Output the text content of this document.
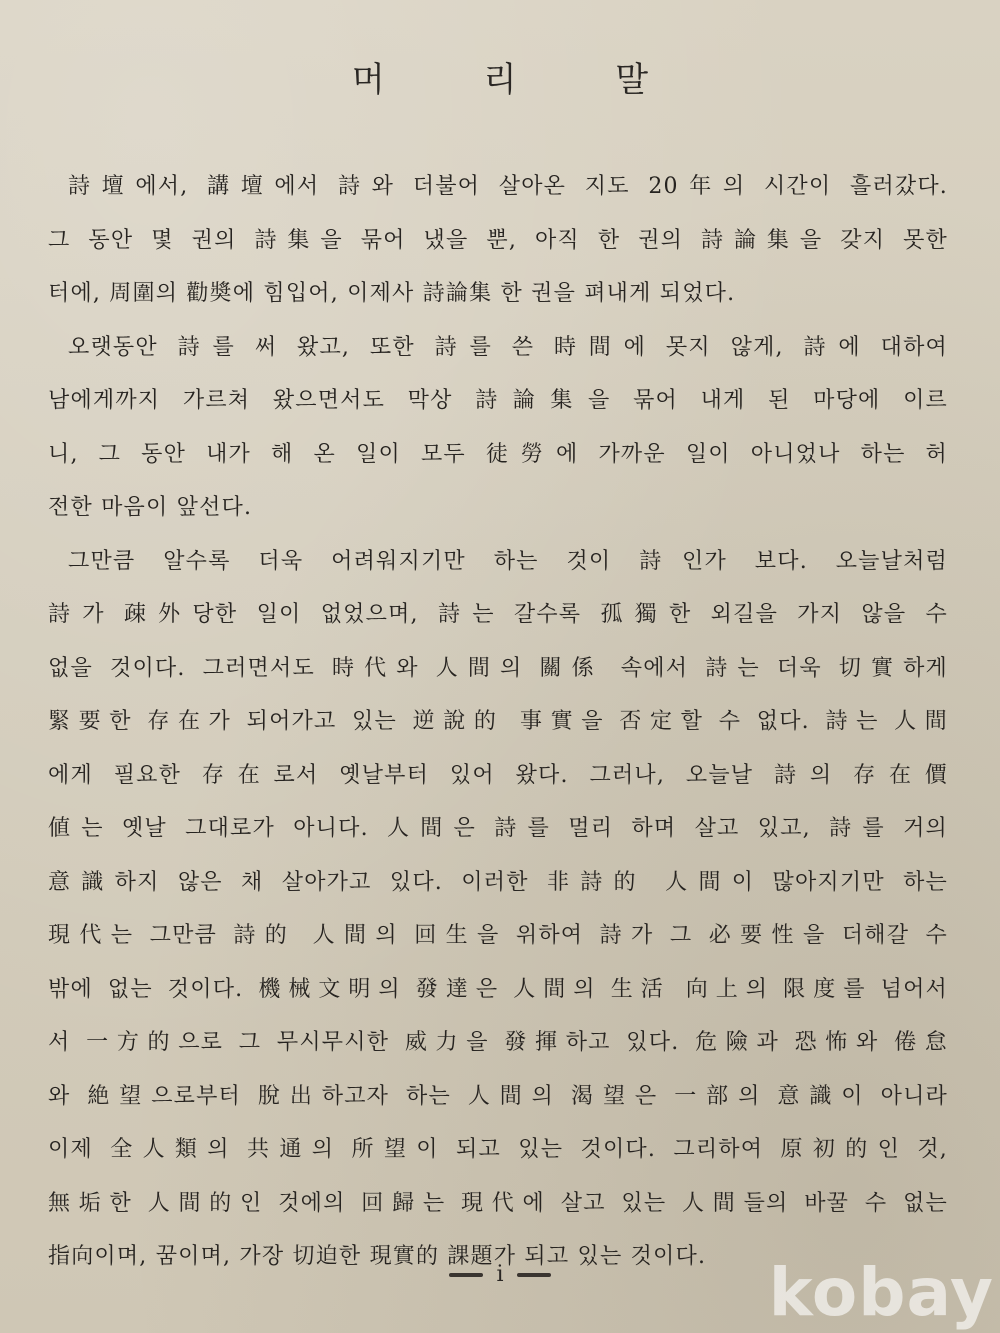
머 리 말
詩壇에서, 講壇에서 詩와 더불어 살아온 지도 20年의 시간이 흘러갔다.
그 동안 몇 권의 詩集을 묶어 냈을 뿐, 아직 한 권의 詩論集을 갖지 못한
터에, 周圍의 勸奬에 힘입어, 이제사 詩論集 한 권을 펴내게 되었다.
오랫동안 詩를 써 왔고, 또한 詩를 쓴 時間에 못지 않게, 詩에 대하여
남에게까지 가르쳐 왔으면서도 막상 詩論集을 묶어 내게 된 마당에 이르
니, 그 동안 내가 해 온 일이 모두 徒勞에 가까운 일이 아니었나 하는 허
전한 마음이 앞선다.
그만큼 알수록 더욱 어려워지기만 하는 것이 詩인가 보다. 오늘날처럼
詩가 疎外당한 일이 없었으며, 詩는 갈수록 孤獨한 외길을 가지 않을 수
없을 것이다. 그러면서도 時代와 人間의 關係 속에서 詩는 더욱 切實하게
緊要한 存在가 되어가고 있는 逆說的 事實을 否定할 수 없다. 詩는 人間
에게 필요한 存在로서 옛날부터 있어 왔다. 그러나, 오늘날 詩의 存在價
値는 옛날 그대로가 아니다. 人間은 詩를 멀리 하며 살고 있고, 詩를 거의
意識하지 않은 채 살아가고 있다. 이러한 非詩的 人間이 많아지기만 하는
現代는 그만큼 詩的 人間의 回生을 위하여 詩가 그 必要性을 더해갈 수
밖에 없는 것이다. 機械文明의 發達은 人間의 生活 向上의 限度를 넘어서
서 一方的으로 그 무시무시한 威力을 發揮하고 있다. 危險과 恐怖와 倦怠
와 絶望으로부터 脫出하고자 하는 人間의 渴望은 一部의 意識이 아니라
이제 全人類의 共通의 所望이 되고 있는 것이다. 그리하여 原初的인 것,
無垢한 人間的인 것에의 回歸는 現代에 살고 있는 人間들의 바꿀 수 없는
指向이며, 꿈이며, 가장 切迫한 現實的 課題가 되고 있는 것이다.
i	kobay
